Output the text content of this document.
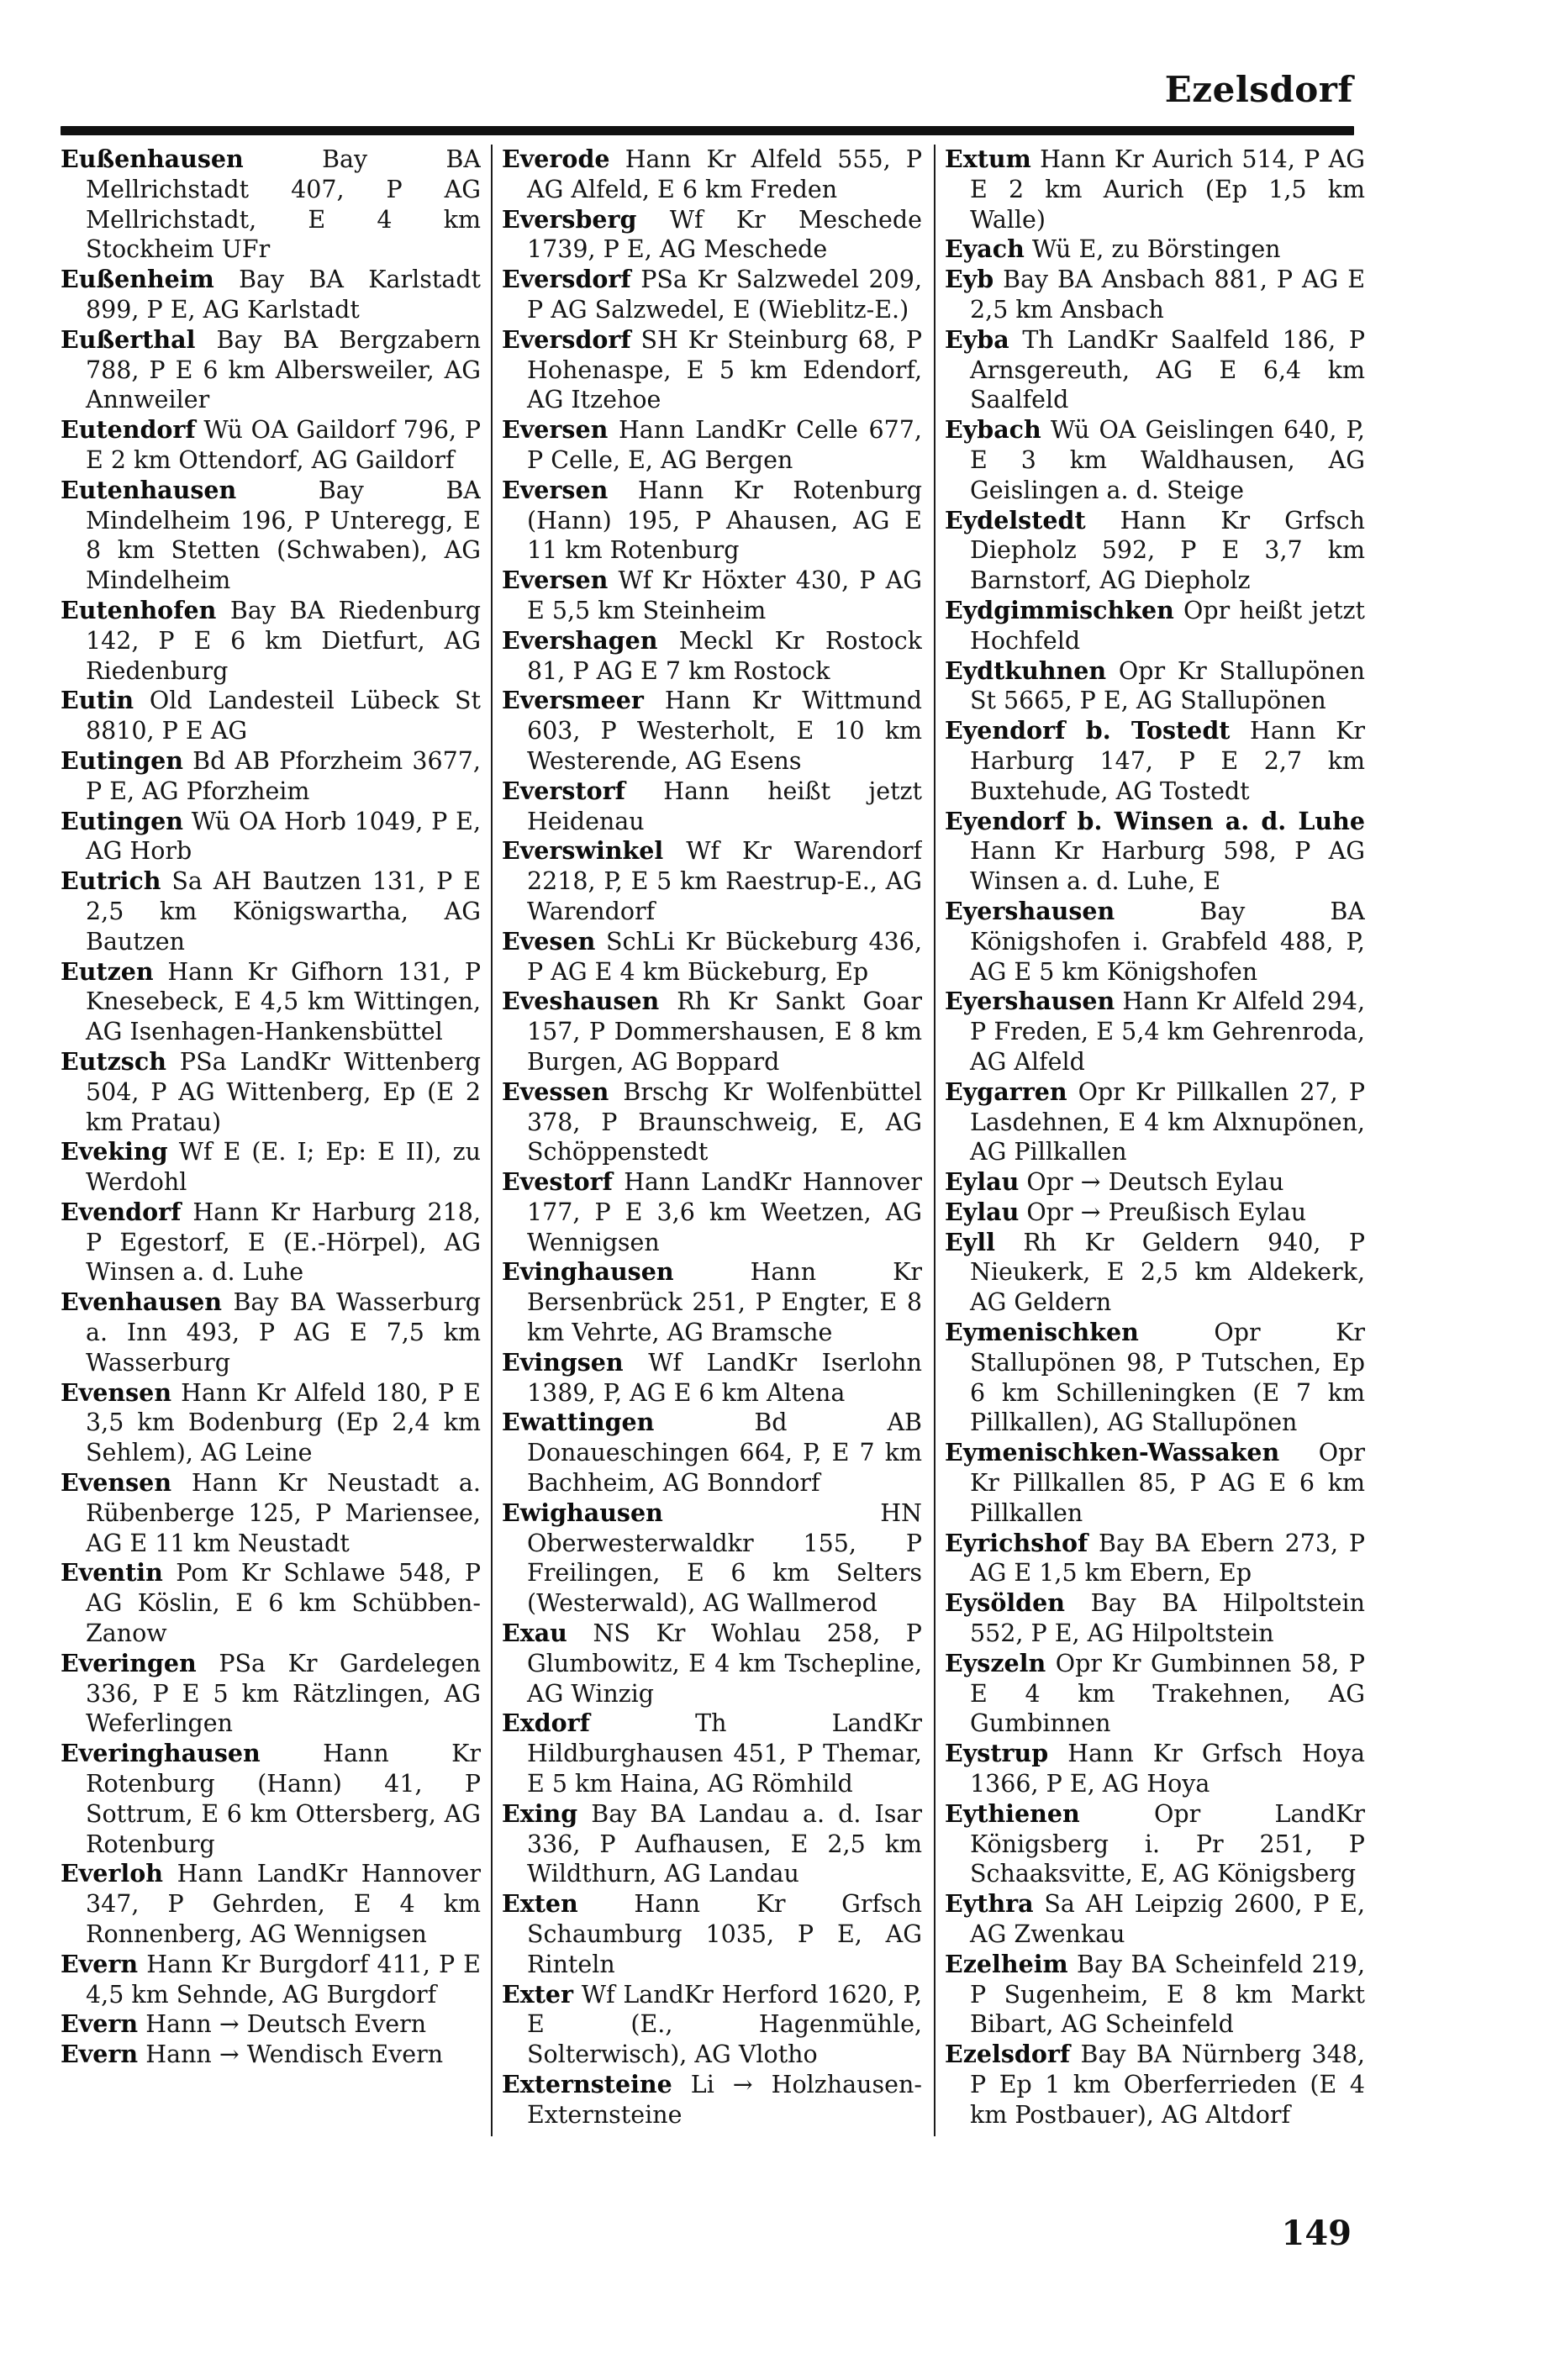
Ezelsdorf

Eußenhausen	Bay BA Mellrichstadt 407, P AG Mellrichstadt, E 4 km Stockheim UFr

Eußenheim Bay BA Karlstadt 899, P E, AG Karlstadt

Eußerthal Bay BA Bergzabern 788, P E 6 km Albersweiler, AG Annweiler

Eutendorf Wü OA Gaildorf 796, P E 2 km Ottendorf, AG Gaildorf

Eutenhausen	Bay BA Mindelheim 196, P Unteregg, E 8 km Stetten (Schwaben), AG Mindelheim

Eutenhofen Bay BA Riedenburg 142, P E 6 km Dietfurt, AG Riedenburg

Eutin Old Landesteil Lübeck St 8810, P E AG

Eutingen Bd AB Pforzheim 3677, P E, AG Pforzheim

Eutingen Wü OA Horb 1049, P E, AG Horb

Eutrich Sa AH Bautzen 131, P E 2,5 km Königswartha, AG Bautzen

Eutzen Hann Kr Gifhorn 131, P Knesebeck, E 4,5 km Wittingen, AG Isenhagen-Hankensbüttel

Eutzsch PSa LandKr Wittenberg 504, P AG Wittenberg, Ep (E 2 km Pratau)

Eveking Wf E (E. I; Ep: E II), zu Werdohl

Evendorf Hann Kr Harburg 218, P Egestorf, E (E.-Hörpel), AG Winsen a. d. Luhe

Evenhausen Bay BA Wasserburg a. Inn 493, P AG E 7,5 km Wasserburg

Evensen Hann Kr Alfeld 180, P E 3,5 km Bodenburg (Ep 2,4 km Sehlem), AG Leine

Evensen Hann Kr Neustadt a. Rübenberge 125, P Mariensee, AG E 11 km Neustadt

Eventin Pom Kr Schlawe 548, P AG Köslin, E 6 km Schübben-Zanow

Everingen PSa Kr Gardelegen 336, P E 5 km Rätzlingen, AG Weferlingen

Everinghausen	Hann Kr Rotenburg (Hann) 41, P Sottrum, E 6 km Ottersberg, AG Rotenburg

Everloh Hann LandKr Hannover 347, P Gehrden, E 4 km Ronnenberg, AG Wennigsen

Evern Hann Kr Burgdorf 411, P E 4,5 km Sehnde, AG Burgdorf

Evern Hann → Deutsch Evern

Evern Hann → Wendisch Evern

Everode Hann Kr Alfeld 555, P AG Alfeld, E 6 km Freden

Eversberg Wf Kr Meschede 1739, P E, AG Meschede

Eversdorf PSa Kr Salzwedel 209, P AG Salzwedel, E (Wieblitz-E.)

Eversdorf SH Kr Steinburg 68, P Hohenaspe, E 5 km Edendorf, AG Itzehoe

Eversen Hann LandKr Celle 677, P Celle, E, AG Bergen

Eversen Hann Kr Rotenburg (Hann) 195, P Ahausen, AG E 11 km Rotenburg

Eversen Wf Kr Höxter 430, P AG E 5,5 km Steinheim

Evershagen Meckl Kr Rostock 81, P AG E 7 km Rostock

Eversmeer Hann Kr Wittmund 603, P Westerholt, E 10 km Westerende, AG Esens

Everstorf Hann heißt jetzt Heidenau

Everswinkel Wf Kr Warendorf 2218, P, E 5 km Raestrup-E., AG Warendorf

Evesen SchLi Kr Bückeburg 436, P AG E 4 km Bückeburg, Ep

Eveshausen Rh Kr Sankt Goar 157, P Dommershausen, E 8 km Burgen, AG Boppard

Evessen Brschg Kr Wolfenbüttel 378, P Braunschweig, E, AG Schöppenstedt

Evestorf Hann LandKr Hannover 177, P E 3,6 km Weetzen, AG Wennigsen

Evinghausen	Hann Kr Bersenbrück 251, P Engter, E 8 km Vehrte, AG Bramsche

Evingsen Wf LandKr Iserlohn 1389, P, AG E 6 km Altena

Ewattingen	Bd AB Donaueschingen 664, P, E 7 km Bachheim, AG Bonndorf

Ewighausen	HN Oberwesterwaldkr 155, P Freilingen, E 6 km Selters (Westerwald), AG Wallmerod

Exau NS Kr Wohlau 258, P Glumbowitz, E 4 km Tschepline, AG Winzig

Exdorf	Th LandKr Hildburghausen 451, P Themar, E 5 km Haina, AG Römhild

Exing Bay BA Landau a. d. Isar 336, P Aufhausen, E 2,5 km Wildthurn, AG Landau

Exten Hann Kr Grfsch Schaumburg 1035, P E, AG Rinteln

Exter Wf LandKr Herford 1620, P, E (E., Hagenmühle, Solterwisch), AG Vlotho

Externsteine Li → Holzhausen-Externsteine

Extum Hann Kr Aurich 514, P AG E 2 km Aurich (Ep 1,5 km Walle)

Eyach Wü E, zu Börstingen

Eyb Bay BA Ansbach 881, P AG E 2,5 km Ansbach

Eyba Th LandKr Saalfeld 186, P Arnsgereuth, AG E 6,4 km Saalfeld

Eybach Wü OA Geislingen 640, P, E 3 km Waldhausen, AG Geislingen a. d. Steige

Eydelstedt Hann Kr Grfsch Diepholz 592, P E 3,7 km Barnstorf, AG Diepholz

Eydgimmischken Opr heißt jetzt Hochfeld

Eydtkuhnen Opr Kr Stallupönen St 5665, P E, AG Stallupönen

Eyendorf b. Tostedt Hann Kr Harburg 147, P E 2,7 km Buxtehude, AG Tostedt

Eyendorf b. Winsen a. d. Luhe Hann Kr Harburg 598, P AG Winsen a. d. Luhe, E

Eyershausen	Bay BA Königshofen i. Grabfeld 488, P, AG E 5 km Königshofen

Eyershausen Hann Kr Alfeld 294, P Freden, E 5,4 km Gehrenroda, AG Alfeld

Eygarren Opr Kr Pillkallen 27, P Lasdehnen, E 4 km Alxnupönen, AG Pillkallen

Eylau Opr → Deutsch Eylau

Eylau Opr → Preußisch Eylau

Eyll Rh Kr Geldern 940, P Nieukerk, E 2,5 km Aldekerk, AG Geldern

Eymenischken	Opr Kr Stallupönen 98, P Tutschen, Ep 6 km Schilleningken (E 7 km Pillkallen), AG Stallupönen

Eymenischken-Wassaken Opr Kr Pillkallen 85, P AG E 6 km Pillkallen

Eyrichshof Bay BA Ebern 273, P AG E 1,5 km Ebern, Ep

Eysölden Bay BA Hilpoltstein 552, P E, AG Hilpoltstein

Eyszeln Opr Kr Gumbinnen 58, P E 4 km Trakehnen, AG Gumbinnen

Eystrup Hann Kr Grfsch Hoya 1366, P E, AG Hoya

Eythienen	Opr LandKr Königsberg i. Pr 251, P Schaaksvitte, E, AG Königsberg

Eythra Sa AH Leipzig 2600, P E, AG Zwenkau

Ezelheim Bay BA Scheinfeld 219, P Sugenheim, E 8 km Markt Bibart, AG Scheinfeld

Ezelsdorf Bay BA Nürnberg 348, P Ep 1 km Oberferrieden (E 4 km Postbauer), AG Altdorf

149
